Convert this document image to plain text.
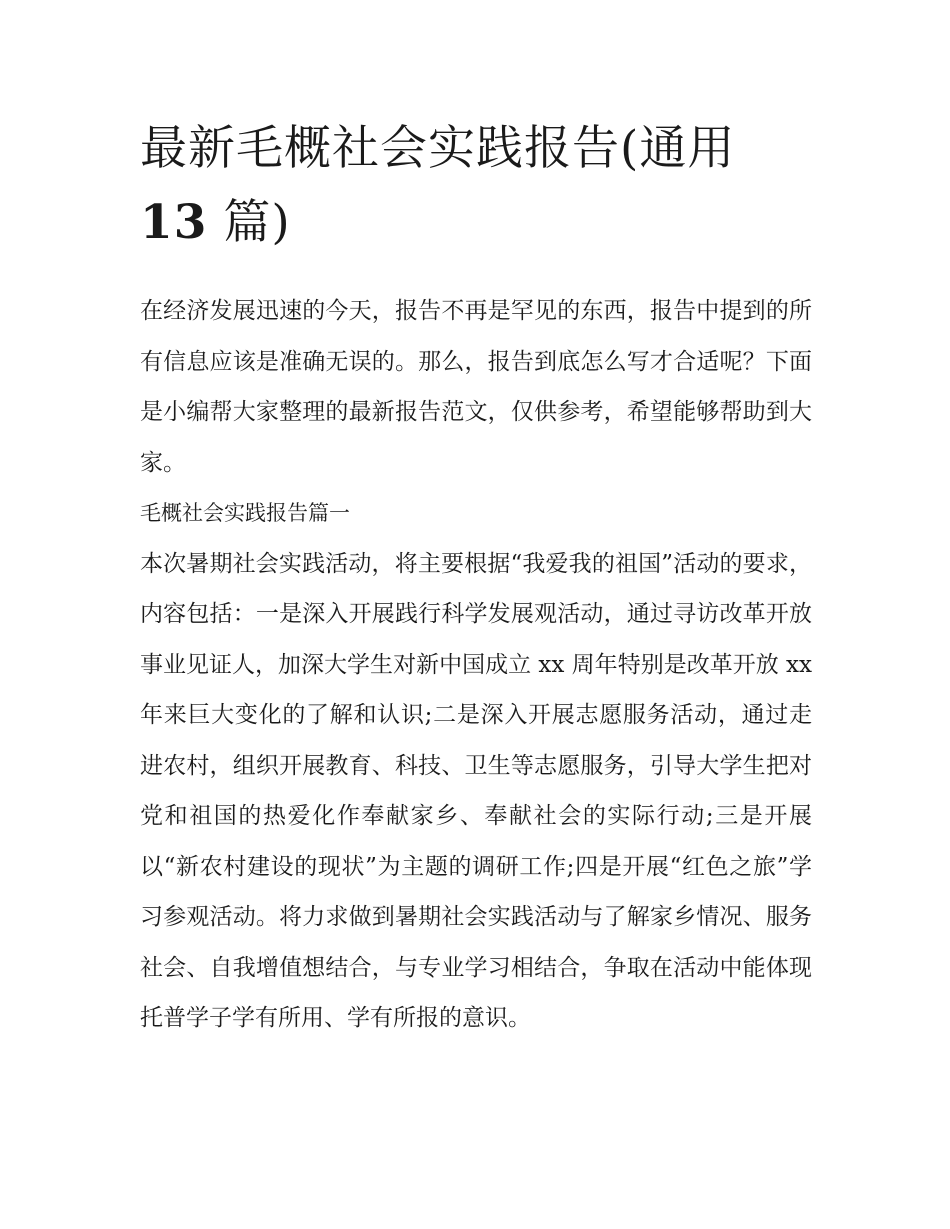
最新毛概社会实践报告(通用
13 篇)

在经济发展迅速的今天，报告不再是罕见的东西，报告中提到的所有信息应该是准确无误的。那么，报告到底怎么写才合适呢？下面是小编帮大家整理的最新报告范文，仅供参考，希望能够帮助到大家。

毛概社会实践报告篇一

本次暑期社会实践活动，将主要根据“我爱我的祖国”活动的要求，内容包括：一是深入开展践行科学发展观活动，通过寻访改革开放事业见证人，加深大学生对新中国成立 xx 周年特别是改革开放 xx 年来巨大变化的了解和认识;二是深入开展志愿服务活动，通过走进农村，组织开展教育、科技、卫生等志愿服务，引导大学生把对党和祖国的热爱化作奉献家乡、奉献社会的实际行动;三是开展以“新农村建设的现状”为主题的调研工作;四是开展“红色之旅”学习参观活动。将力求做到暑期社会实践活动与了解家乡情况、服务社会、自我增值想结合，与专业学习相结合，争取在活动中能体现托普学子学有所用、学有所报的意识。
